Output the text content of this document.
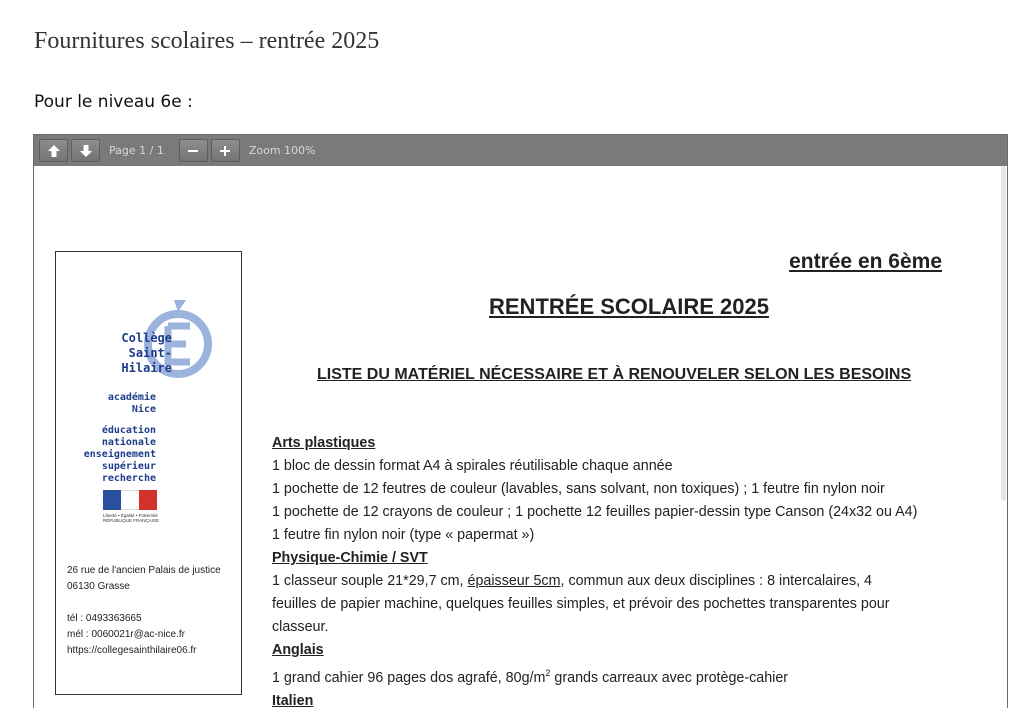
Fournitures scolaires – rentrée 2025

Pour le niveau 6e :

Page 1 / 1	Zoom 100%
Collège
Saint-Hilaire
académie
Nice
éducation
nationale
enseignement
supérieur
recherche
Liberté • Égalité • Fraternité RÉPUBLIQUE FRANÇAISE
26 rue de l'ancien Palais de justice
06130 Grasse
tél : 0493363665
mél : 0060021r@ac-nice.fr
https://collegesainthilaire06.fr
entrée en 6ème
RENTRÉE SCOLAIRE 2025
LISTE DU MATÉRIEL NÉCESSAIRE ET À RENOUVELER SELON LES BESOINS
Arts plastiques
1 bloc de dessin format A4 à spirales réutilisable chaque année
1 pochette de 12 feutres de couleur (lavables, sans solvant, non toxiques) ; 1 feutre fin nylon noir
1 pochette de 12 crayons de couleur ; 1 pochette 12 feuilles papier-dessin type Canson (24x32 ou A4)
1 feutre fin nylon noir (type « papermat »)
Physique-Chimie / SVT
1 classeur souple 21*29,7 cm, épaisseur 5cm, commun aux deux disciplines : 8 intercalaires, 4
feuilles de papier machine, quelques feuilles simples, et prévoir des pochettes transparentes pour
classeur.
Anglais
1 grand cahier 96 pages dos agrafé, $80g/m^2$ grands carreaux avec protège-cahier
Italien
